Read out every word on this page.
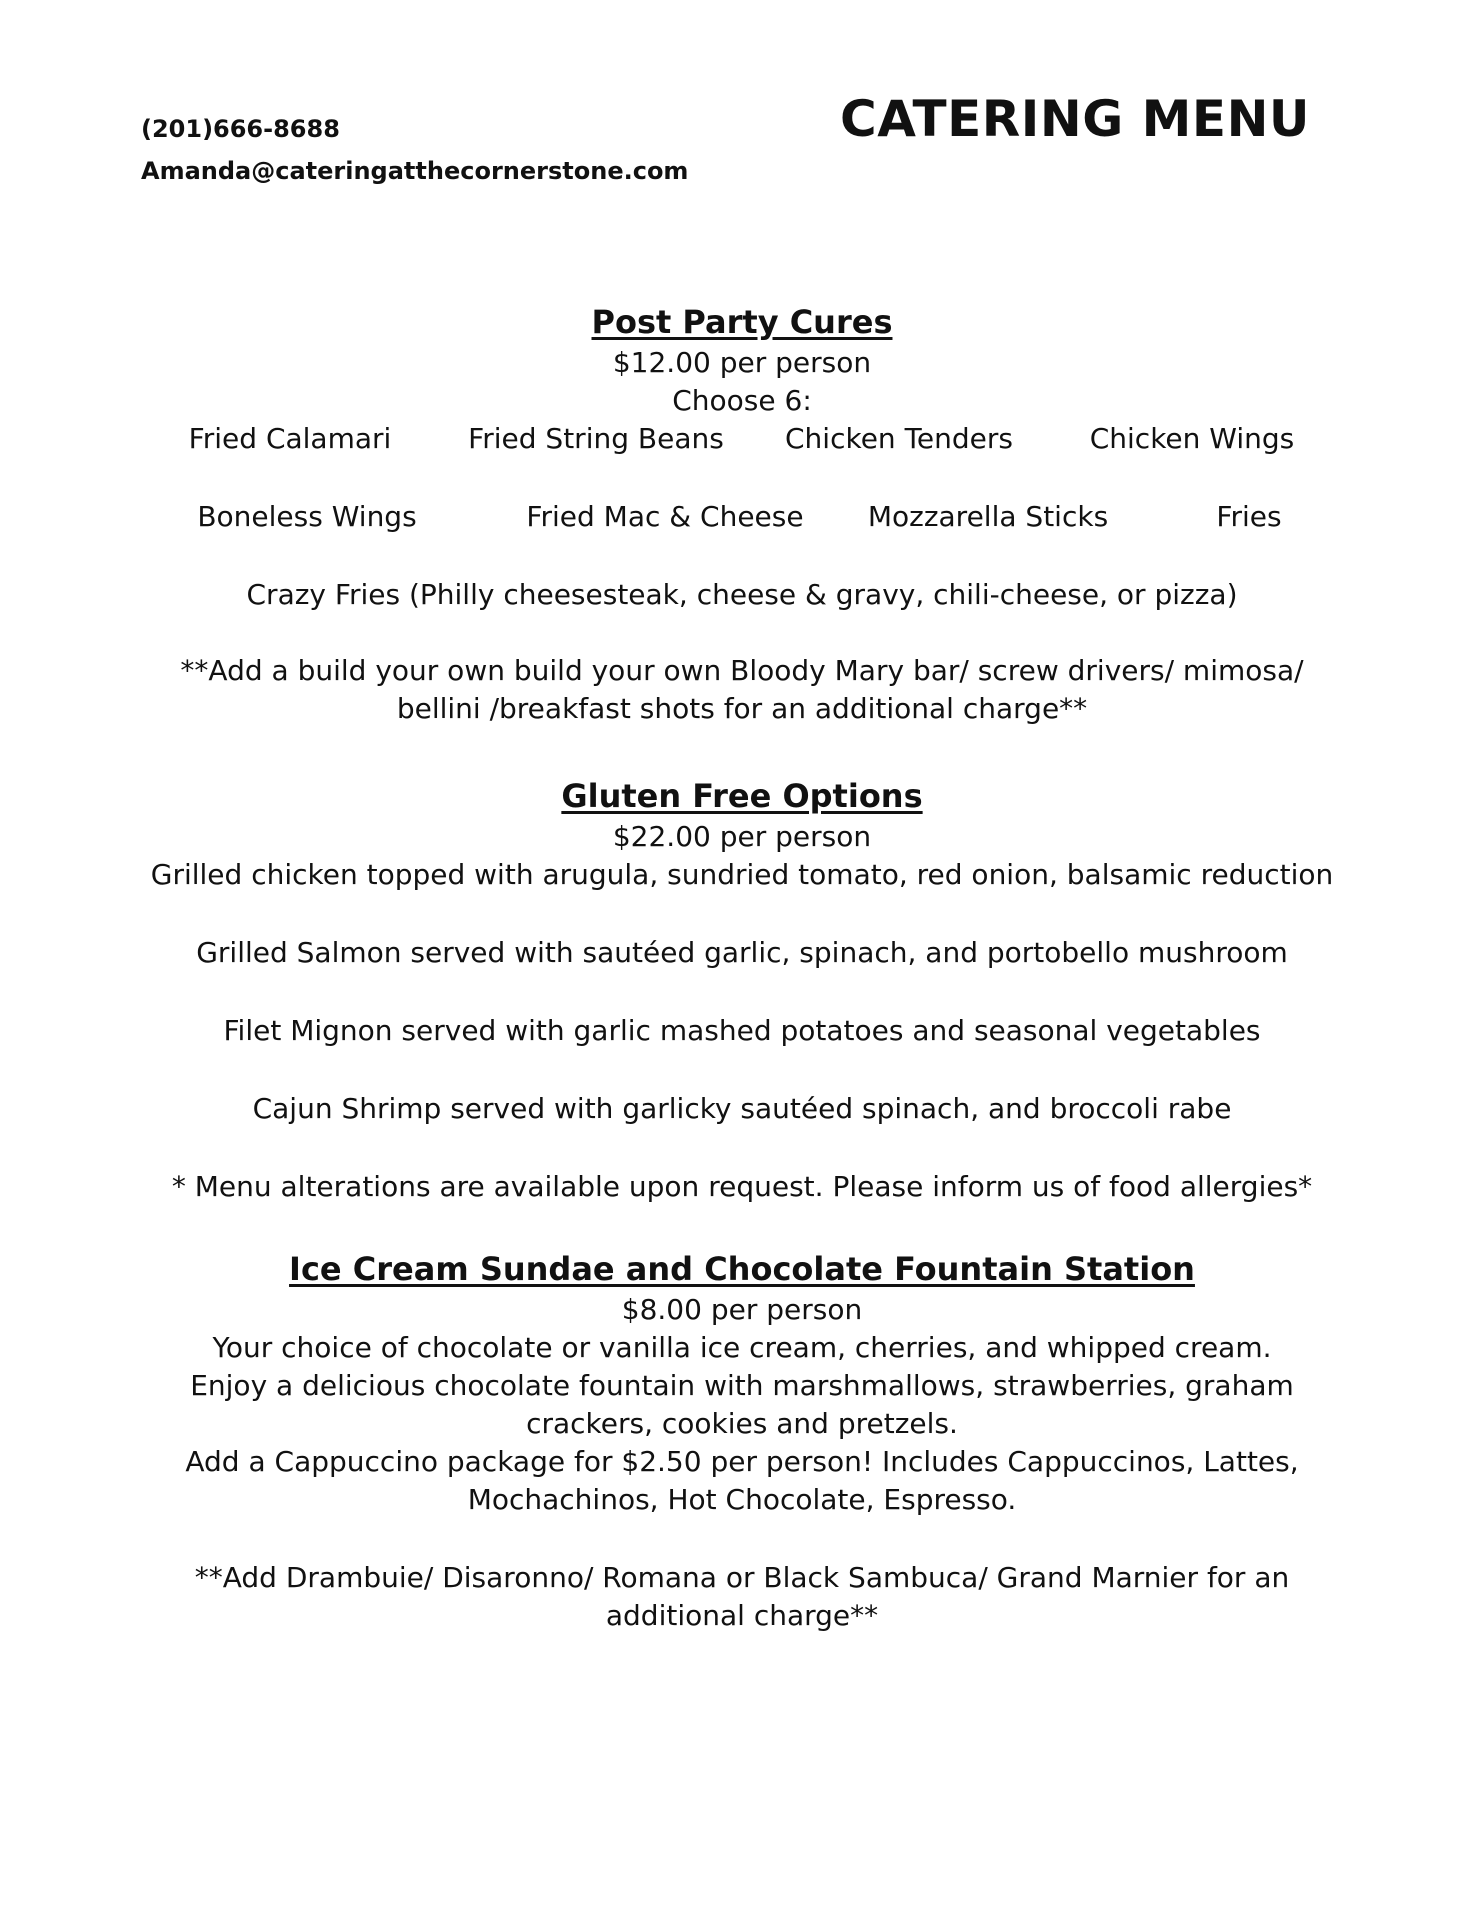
(201)666-8688
Amanda@cateringatthecornerstone.com
CATERING MENU
Post Party Cures
$12.00 per person
Choose 6:
Fried Calamari	Fried String Beans Chicken Tenders	Chicken Wings
Boneless Wings	Fried Mac & Cheese Mozzarella Sticks	Fries
Crazy Fries (Philly cheesesteak, cheese & gravy, chili-cheese, or pizza)
**Add a build your own build your own Bloody Mary bar/ screw drivers/ mimosa/
bellini /breakfast shots for an additional charge**
Gluten Free Options
$22.00 per person
Grilled chicken topped with arugula, sundried tomato, red onion, balsamic reduction
Grilled Salmon served with sautéed garlic, spinach, and portobello mushroom
Filet Mignon served with garlic mashed potatoes and seasonal vegetables
Cajun Shrimp served with garlicky sautéed spinach, and broccoli rabe
* Menu alterations are available upon request. Please inform us of food allergies*
Ice Cream Sundae and Chocolate Fountain Station
$8.00 per person
Your choice of chocolate or vanilla ice cream, cherries, and whipped cream.
Enjoy a delicious chocolate fountain with marshmallows, strawberries, graham
crackers, cookies and pretzels.
Add a Cappuccino package for $2.50 per person! Includes Cappuccinos, Lattes,
Mochachinos, Hot Chocolate, Espresso.
**Add Drambuie/ Disaronno/ Romana or Black Sambuca/ Grand Marnier for an
additional charge**
